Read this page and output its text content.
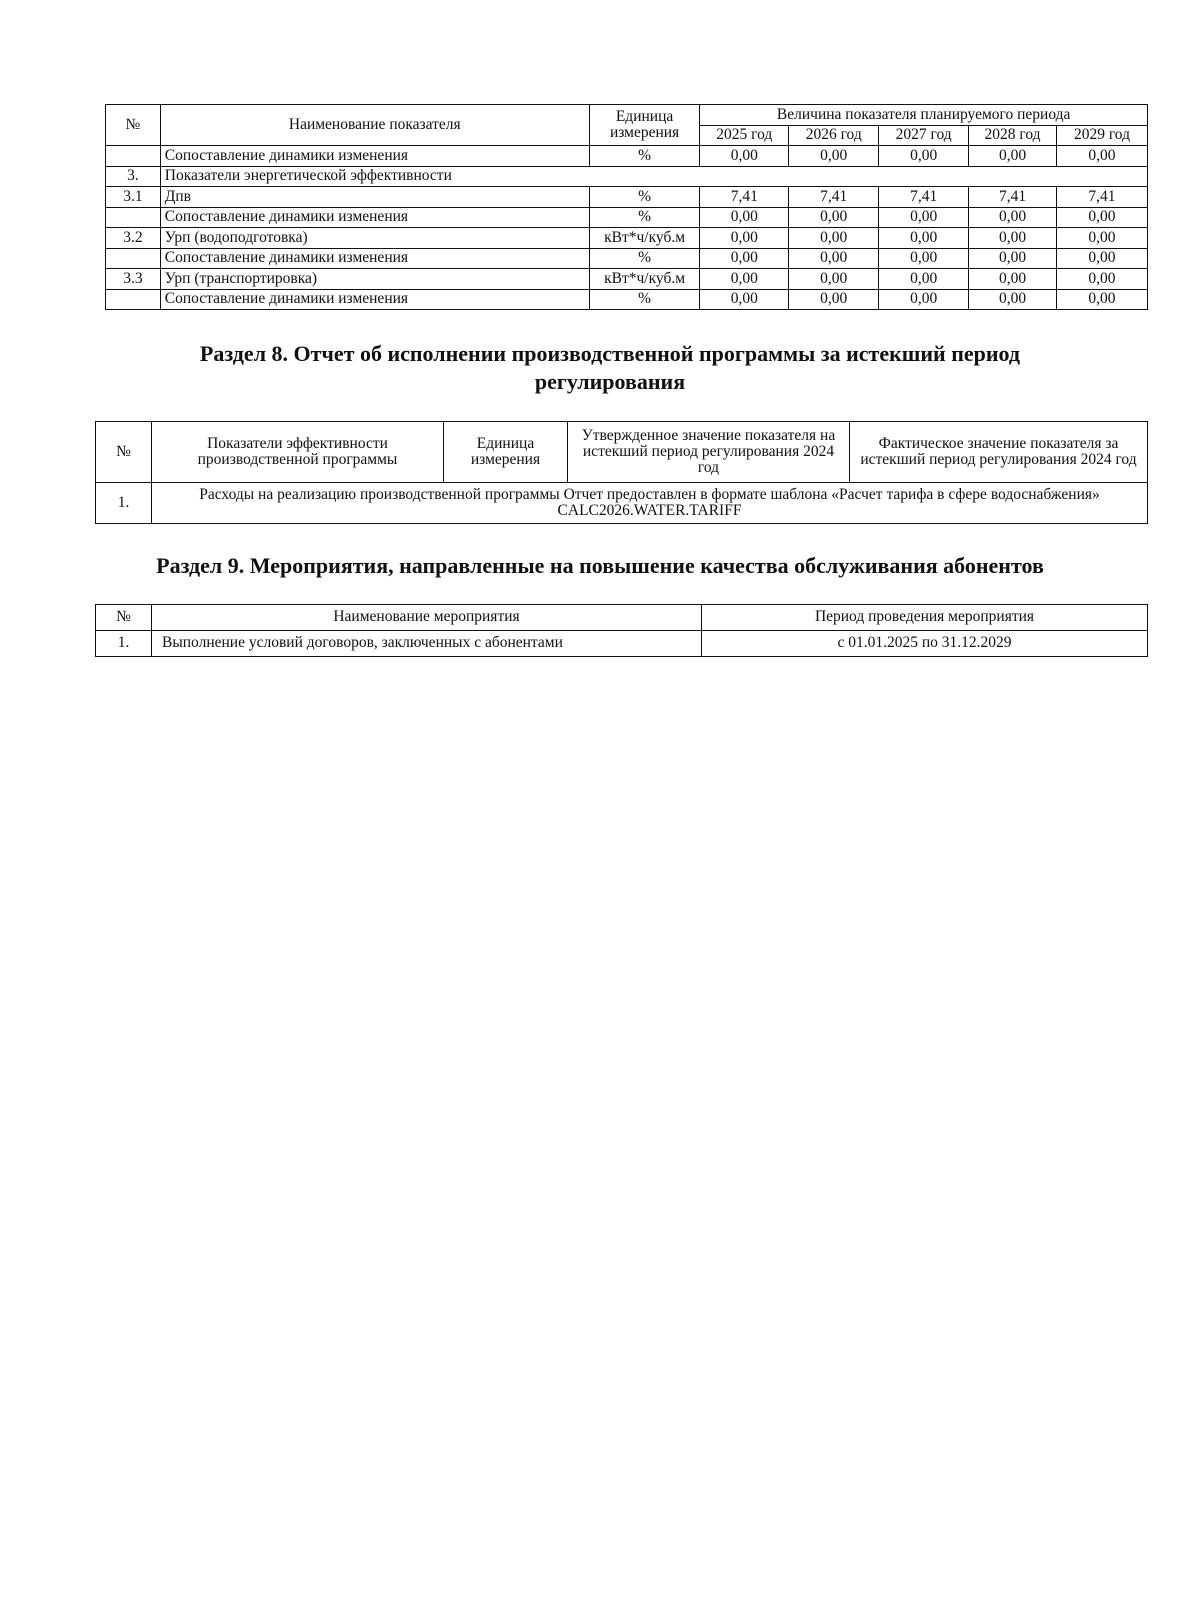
№	Наименование показателя	Единица
измерения	Величина показателя планируемого периода				
			2025 год	2026 год	2027 год	2028 год	2029 год
	Сопоставление динамики изменения	%	0,00	0,00	0,00	0,00	0,00
3.	Показатели энергетической эффективности						
3.1	Дпв	%	7,41	7,41	7,41	7,41	7,41
	Сопоставление динамики изменения	%	0,00	0,00	0,00	0,00	0,00
3.2	Урп (водоподготовка)	кВт*ч/куб.м	0,00	0,00	0,00	0,00	0,00
	Сопоставление динамики изменения	%	0,00	0,00	0,00	0,00	0,00
3.3	Урп (транспортировка)	кВт*ч/куб.м	0,00	0,00	0,00	0,00	0,00
	Сопоставление динамики изменения	%	0,00	0,00	0,00	0,00	0,00
Раздел 8. Отчет об исполнении производственной программы за истекший период
регулирования
№	Показатели эффективности производственной программы	Единица измерения	Утвержденное значение показателя на истекший период регулирования 2024 год	Фактическое значение показателя за истекший период регулирования 2024 год
1.	Расходы на реализацию производственной программы Отчет предоставлен в формате шаблона «Расчет тарифа в сфере водоснабжения» CALC2026.WATER.TARIFF			
Раздел 9. Мероприятия, направленные на повышение качества обслуживания абонентов
№	Наименование мероприятия	Период проведения мероприятия
1.	Выполнение условий договоров, заключенных с абонентами	с 01.01.2025 по 31.12.2029
